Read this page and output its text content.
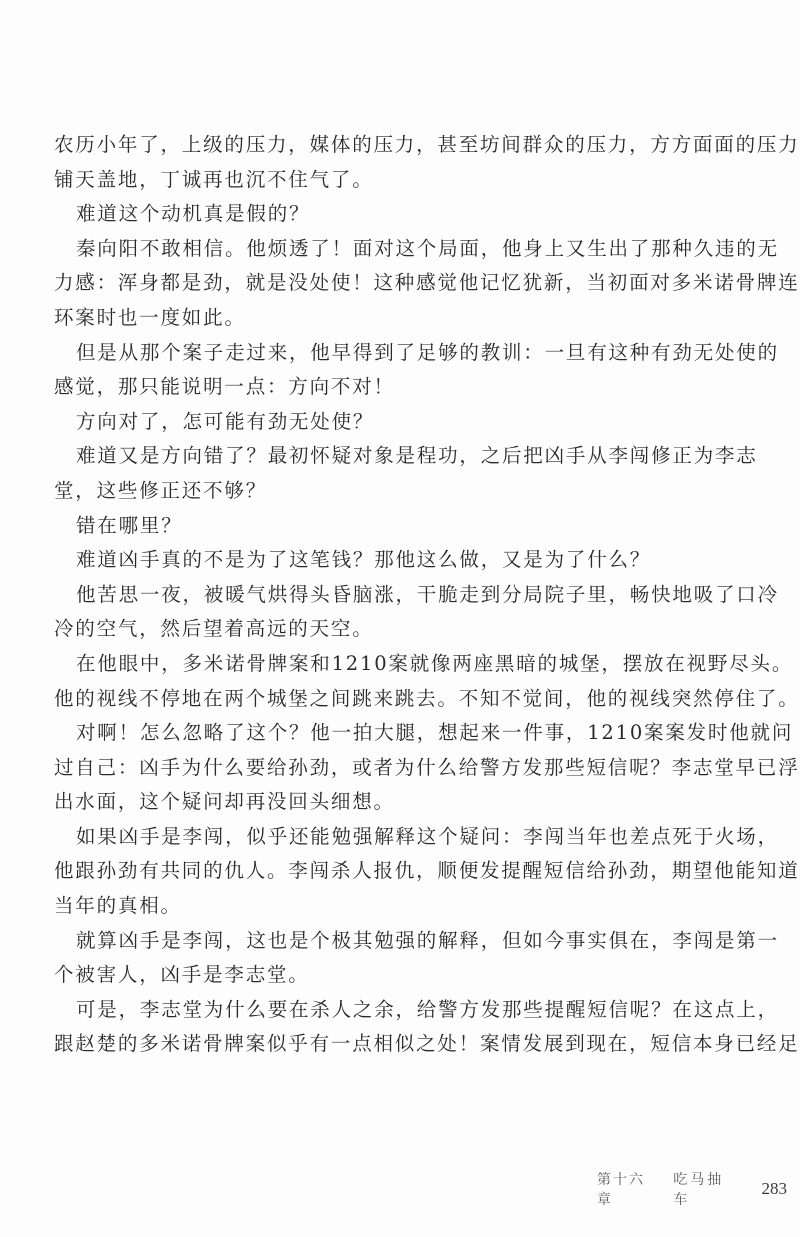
农历小年了，上级的压力，媒体的压力，甚至坊间群众的压力，方方面面的压力
铺天盖地，丁诚再也沉不住气了。
难道这个动机真是假的？
秦向阳不敢相信。他烦透了！面对这个局面，他身上又生出了那种久违的无
力感：浑身都是劲，就是没处使！这种感觉他记忆犹新，当初面对多米诺骨牌连
环案时也一度如此。
但是从那个案子走过来，他早得到了足够的教训：一旦有这种有劲无处使的
感觉，那只能说明一点：方向不对！
方向对了，怎可能有劲无处使？
难道又是方向错了？最初怀疑对象是程功，之后把凶手从李闯修正为李志
堂，这些修正还不够？
错在哪里？
难道凶手真的不是为了这笔钱？那他这么做，又是为了什么？
他苦思一夜，被暖气烘得头昏脑涨，干脆走到分局院子里，畅快地吸了口冷
冷的空气，然后望着高远的天空。
在他眼中，多米诺骨牌案和1210案就像两座黑暗的城堡，摆放在视野尽头。
他的视线不停地在两个城堡之间跳来跳去。不知不觉间，他的视线突然停住了。
对啊！怎么忽略了这个？他一拍大腿，想起来一件事，1210案案发时他就问
过自己：凶手为什么要给孙劲，或者为什么给警方发那些短信呢？李志堂早已浮
出水面，这个疑问却再没回头细想。
如果凶手是李闯，似乎还能勉强解释这个疑问：李闯当年也差点死于火场，
他跟孙劲有共同的仇人。李闯杀人报仇，顺便发提醒短信给孙劲，期望他能知道
当年的真相。
就算凶手是李闯，这也是个极其勉强的解释，但如今事实俱在，李闯是第一
个被害人，凶手是李志堂。
可是，李志堂为什么要在杀人之余，给警方发那些提醒短信呢？在这点上，
跟赵楚的多米诺骨牌案似乎有一点相似之处！案情发展到现在，短信本身已经足
第十六章
吃马抽车
283
